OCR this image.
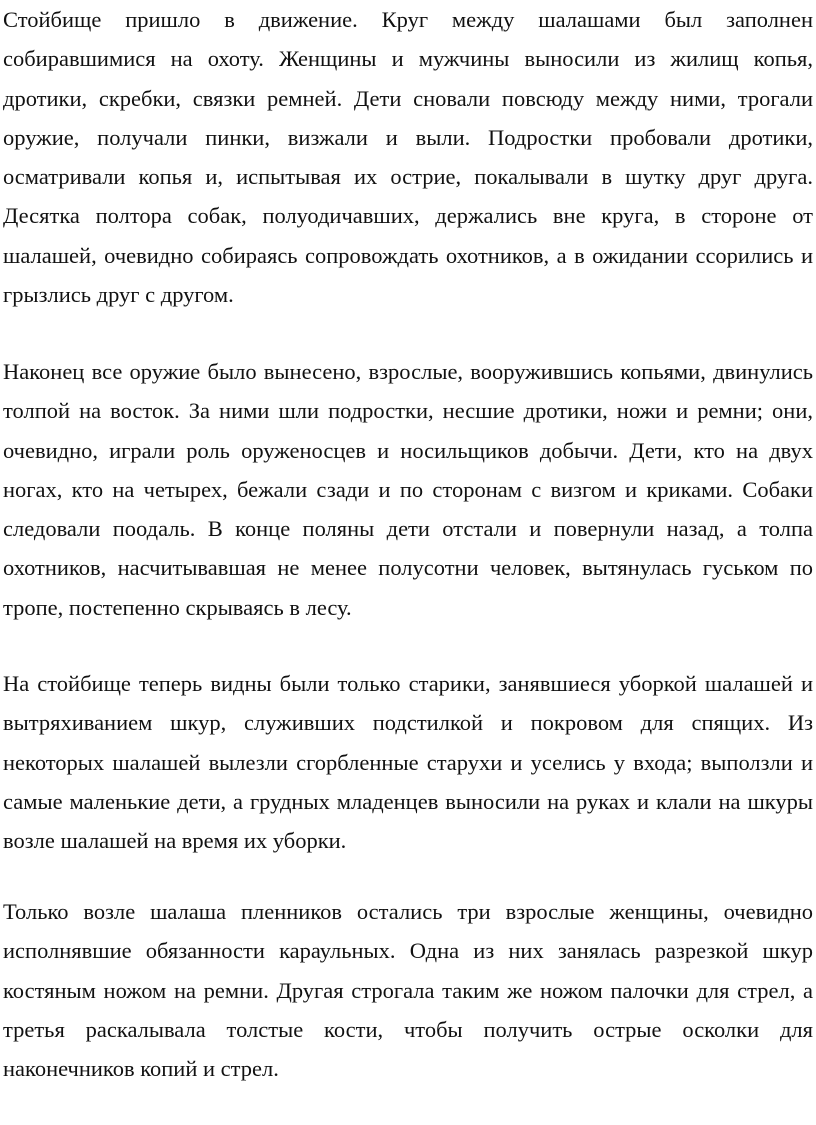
Стойбище пришло в движение. Круг между шалашами был заполнен собиравшимися на охоту. Женщины и мужчины выносили из жилищ копья, дротики, скребки, связки ремней. Дети сновали повсюду между ними, трогали оружие, получали пинки, визжали и выли. Подростки пробовали дротики, осматривали копья и, испытывая их острие, покалывали в шутку друг друга. Десятка полтора собак, полуодичавших, держались вне круга, в стороне от шалашей, очевидно собираясь сопровождать охотников, а в ожидании ссорились и грызлись друг с другом.

Наконец все оружие было вынесено, взрослые, вооружившись копьями, двинулись толпой на восток. За ними шли подростки, несшие дротики, ножи и ремни; они, очевидно, играли роль оруженосцев и носильщиков добычи. Дети, кто на двух ногах, кто на четырех, бежали сзади и по сторонам с визгом и криками. Собаки следовали поодаль. В конце поляны дети отстали и повернули назад, а толпа охотников, насчитывавшая не менее полусотни человек, вытянулась гуськом по тропе, постепенно скрываясь в лесу.

На стойбище теперь видны были только старики, занявшиеся уборкой шалашей и вытряхиванием шкур, служивших подстилкой и покровом для спящих. Из некоторых шалашей вылезли сгорбленные старухи и уселись у входа; выползли и самые маленькие дети, а грудных младенцев выносили на руках и клали на шкуры возле шалашей на время их уборки.

Только возле шалаша пленников остались три взрослые женщины, очевидно исполнявшие обязанности караульных. Одна из них занялась разрезкой шкур костяным ножом на ремни. Другая строгала таким же ножом палочки для стрел, а третья раскалывала толстые кости, чтобы получить острые осколки для наконечников копий и стрел.
